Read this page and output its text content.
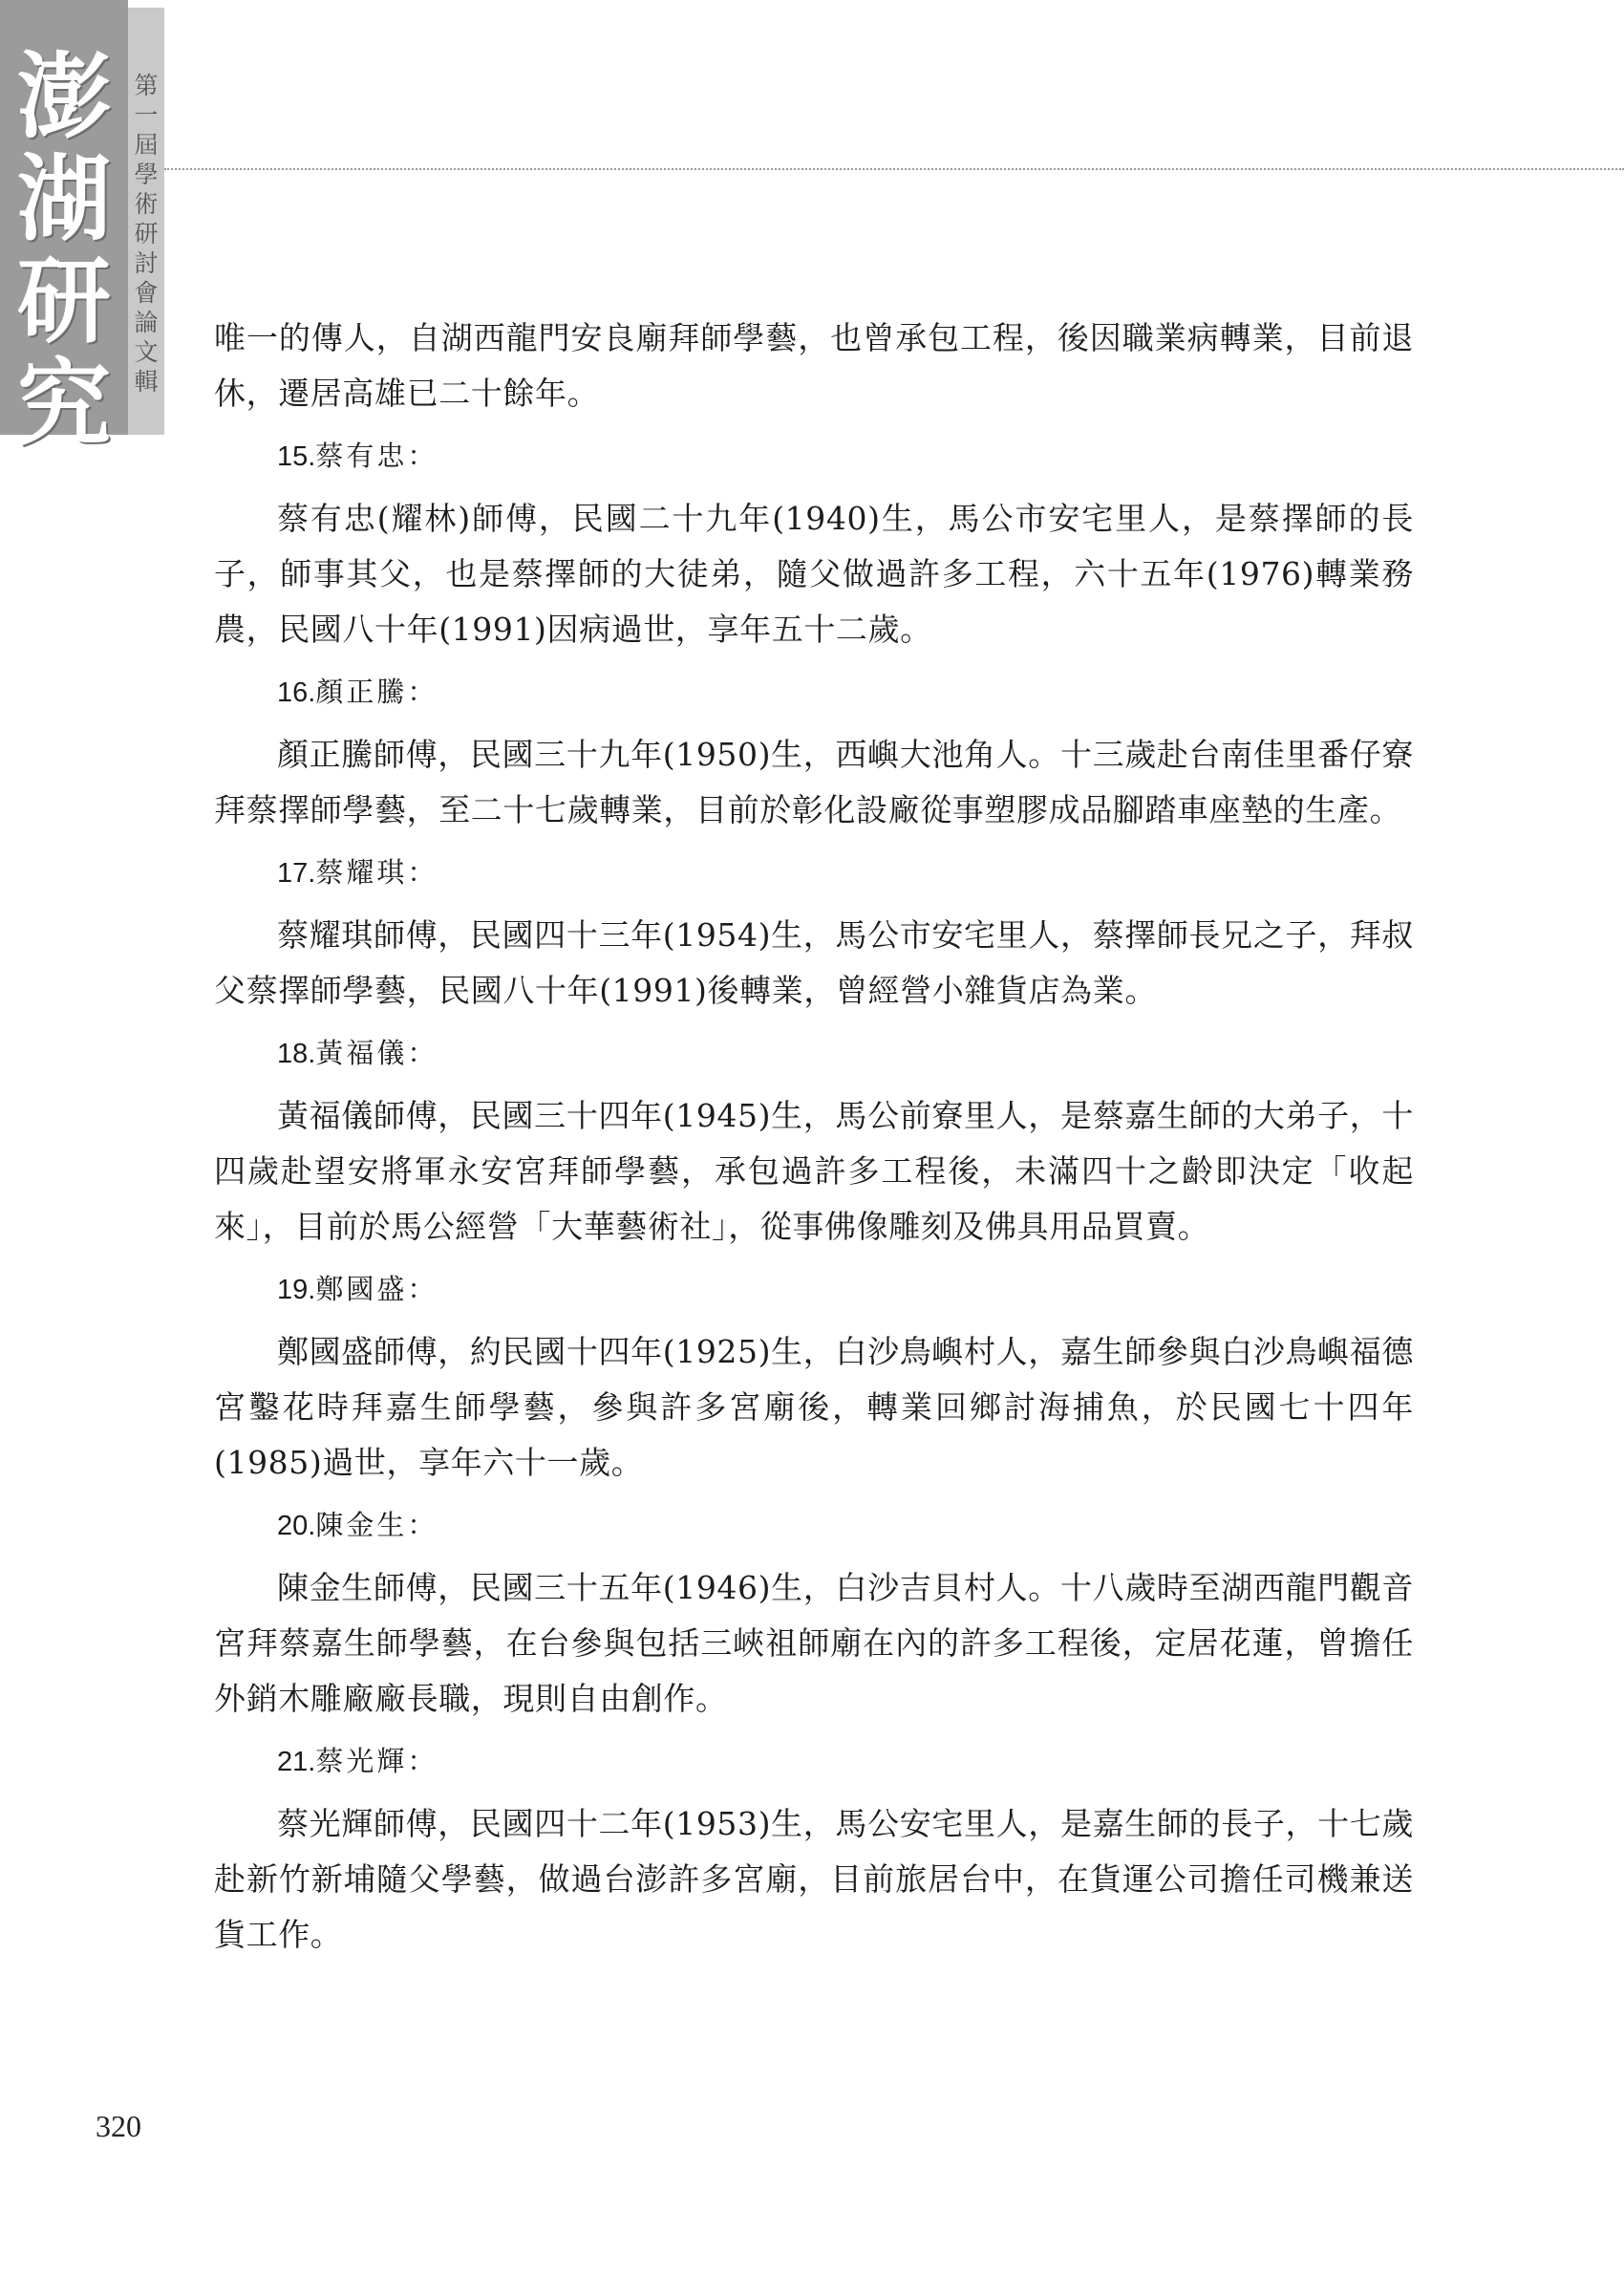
澎
湖
研
究
第
一
屆
學
術
研
討
會
論
文
輯

唯一的傳人，自湖西龍門安良廟拜師學藝，也曾承包工程，後因職業病轉業，目前退休，遷居高雄已二十餘年。

15.蔡有忠：

蔡有忠(耀林)師傅，民國二十九年(1940)生，馬公市安宅里人，是蔡擇師的長子，師事其父，也是蔡擇師的大徒弟，隨父做過許多工程，六十五年(1976)轉業務農，民國八十年(1991)因病過世，享年五十二歲。

16.顏正騰：

顏正騰師傅，民國三十九年(1950)生，西嶼大池角人。十三歲赴台南佳里番仔寮拜蔡擇師學藝，至二十七歲轉業，目前於彰化設廠從事塑膠成品腳踏車座墊的生產。

17.蔡耀琪：

蔡耀琪師傅，民國四十三年(1954)生，馬公市安宅里人，蔡擇師長兄之子，拜叔父蔡擇師學藝，民國八十年(1991)後轉業，曾經營小雜貨店為業。

18.黃福儀：

黃福儀師傅，民國三十四年(1945)生，馬公前寮里人，是蔡嘉生師的大弟子，十四歲赴望安將軍永安宮拜師學藝，承包過許多工程後，未滿四十之齡即決定「收起來」，目前於馬公經營「大華藝術社」，從事佛像雕刻及佛具用品買賣。

19.鄭國盛：

鄭國盛師傅，約民國十四年(1925)生，白沙鳥嶼村人，嘉生師參與白沙鳥嶼福德宮鑿花時拜嘉生師學藝，參與許多宮廟後，轉業回鄉討海捕魚，於民國七十四年(1985)過世，享年六十一歲。

20.陳金生：

陳金生師傅，民國三十五年(1946)生，白沙吉貝村人。十八歲時至湖西龍門觀音宮拜蔡嘉生師學藝，在台參與包括三峽祖師廟在內的許多工程後，定居花蓮，曾擔任外銷木雕廠廠長職，現則自由創作。

21.蔡光輝：

蔡光輝師傅，民國四十二年(1953)生，馬公安宅里人，是嘉生師的長子，十七歲赴新竹新埔隨父學藝，做過台澎許多宮廟，目前旅居台中，在貨運公司擔任司機兼送貨工作。

320
